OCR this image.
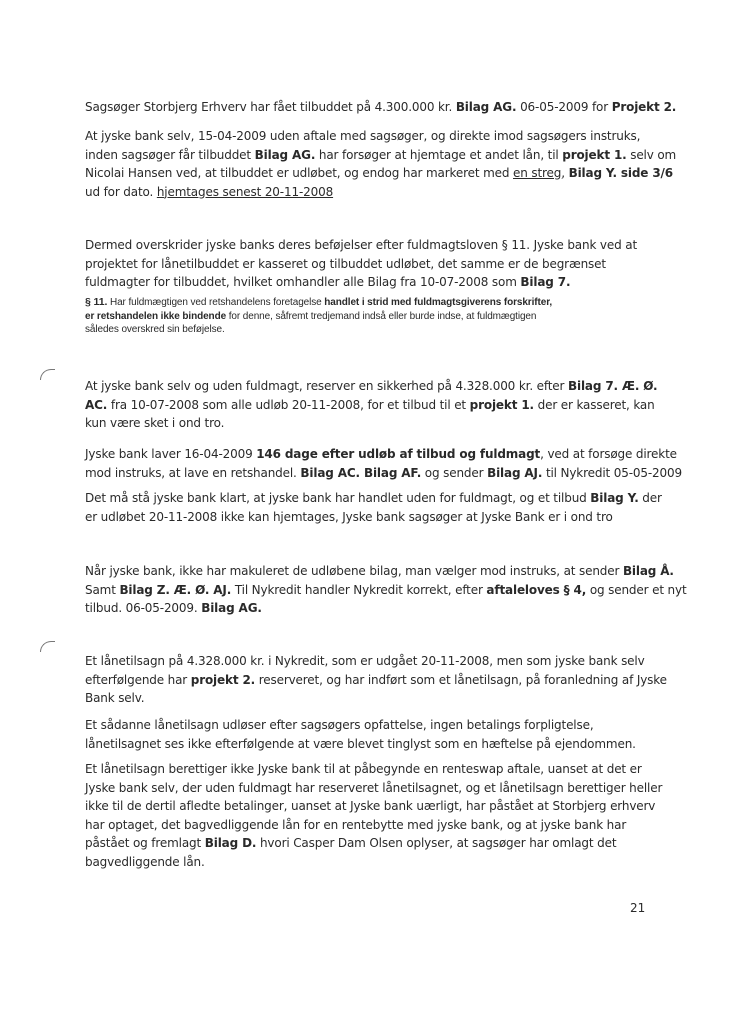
Sagsøger Storbjerg Erhverv har fået tilbuddet på 4.300.000 kr. Bilag AG. 06-05-2009 for Projekt 2.
At jyske bank selv, 15-04-2009 uden aftale med sagsøger, og direkte imod sagsøgers instruks,
inden sagsøger får tilbuddet Bilag AG. har forsøger at hjemtage et andet lån, til projekt 1. selv om
Nicolai Hansen ved, at tilbuddet er udløbet, og endog har markeret med en streg, Bilag Y. side 3/6
ud for dato. hjemtages senest 20-11-2008
Dermed overskrider jyske banks deres beføjelser efter fuldmagtsloven § 11. Jyske bank ved at
projektet for lånetilbuddet er kasseret og tilbuddet udløbet, det samme er de begrænset
fuldmagter for tilbuddet, hvilket omhandler alle Bilag fra 10-07-2008 som Bilag 7.
§ 11. Har fuldmægtigen ved retshandelens foretagelse handlet i strid med fuldmagtsgiverens forskrifter,
er retshandelen ikke bindende for denne, såfremt tredjemand indså eller burde indse, at fuldmægtigen
således overskred sin beføjelse.
At jyske bank selv og uden fuldmagt, reserver en sikkerhed på 4.328.000 kr. efter Bilag 7. Æ. Ø.
AC. fra 10-07-2008 som alle udløb 20-11-2008, for et tilbud til et projekt 1. der er kasseret, kan
kun være sket i ond tro.
Jyske bank laver 16-04-2009 146 dage efter udløb af tilbud og fuldmagt, ved at forsøge direkte
mod instruks, at lave en retshandel. Bilag AC. Bilag AF. og sender Bilag AJ. til Nykredit 05-05-2009
Det må stå jyske bank klart, at jyske bank har handlet uden for fuldmagt, og et tilbud Bilag Y. der
er udløbet 20-11-2008 ikke kan hjemtages, Jyske bank sagsøger at Jyske Bank er i ond tro
Når jyske bank, ikke har makuleret de udløbene bilag, man vælger mod instruks, at sender Bilag Å.
Samt Bilag Z. Æ. Ø. AJ. Til Nykredit handler Nykredit korrekt, efter aftaleloves § 4, og sender et nyt
tilbud. 06-05-2009. Bilag AG.
Et lånetilsagn på 4.328.000 kr. i Nykredit, som er udgået 20-11-2008, men som jyske bank selv
efterfølgende har projekt 2. reserveret, og har indført som et lånetilsagn, på foranledning af Jyske
Bank selv.
Et sådanne lånetilsagn udløser efter sagsøgers opfattelse, ingen betalings forpligtelse,
lånetilsagnet ses ikke efterfølgende at være blevet tinglyst som en hæftelse på ejendommen.
Et lånetilsagn berettiger ikke Jyske bank til at påbegynde en renteswap aftale, uanset at det er
Jyske bank selv, der uden fuldmagt har reserveret lånetilsagnet, og et lånetilsagn berettiger heller
ikke til de dertil afledte betalinger, uanset at Jyske bank uærligt, har påstået at Storbjerg erhverv
har optaget, det bagvedliggende lån for en rentebytte med jyske bank, og at jyske bank har
påstået og fremlagt Bilag D. hvori Casper Dam Olsen oplyser, at sagsøger har omlagt det
bagvedliggende lån.
21
